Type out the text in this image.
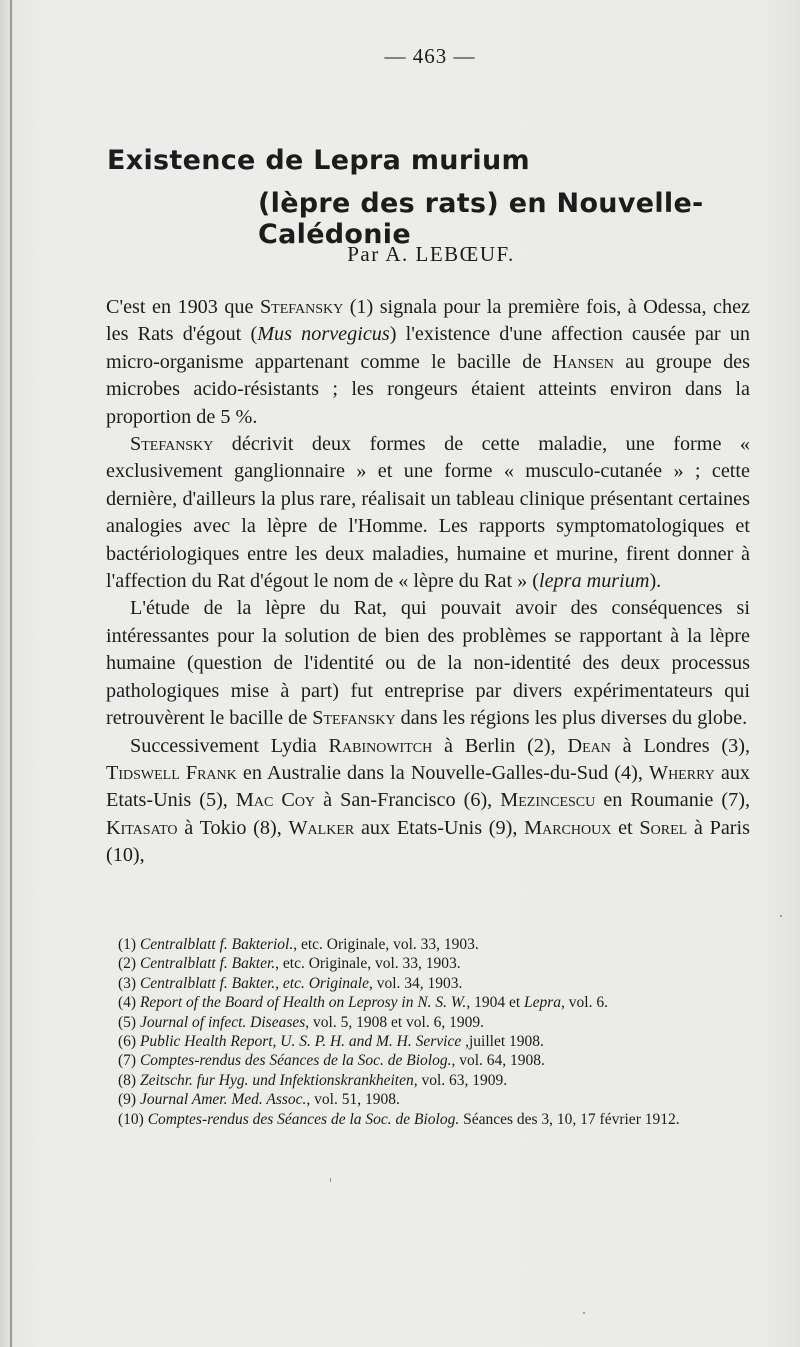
— 463 —
Existence de Lepra murium
(lèpre des rats) en Nouvelle-Calédonie
Par A. LEBŒUF.

C'est en 1903 que Stefansky (1) signala pour la première fois, à Odessa, chez les Rats d'égout (Mus norvegicus) l'existence d'une affection causée par un micro-organisme appartenant comme le bacille de Hansen au groupe des microbes acido-résistants ; les rongeurs étaient atteints environ dans la proportion de 5 %.

Stefansky décrivit deux formes de cette maladie, une forme « exclusivement ganglionnaire » et une forme « musculo-cutanée » ; cette dernière, d'ailleurs la plus rare, réalisait un tableau clinique présentant certaines analogies avec la lèpre de l'Homme. Les rapports symptomatologiques et bactériologiques entre les deux maladies, humaine et murine, firent donner à l'affection du Rat d'égout le nom de « lèpre du Rat » (lepra murium).

L'étude de la lèpre du Rat, qui pouvait avoir des conséquences si intéressantes pour la solution de bien des problèmes se rapportant à la lèpre humaine (question de l'identité ou de la non-identité des deux processus pathologiques mise à part) fut entreprise par divers expérimentateurs qui retrouvèrent le bacille de Stefansky dans les régions les plus diverses du globe.

Successivement Lydia Rabinowitch à Berlin (2), Dean à Londres (3), Tidswell Frank en Australie dans la Nouvelle-Galles-du-Sud (4), Wherry aux Etats-Unis (5), Mac Coy à San-Francisco (6), Mezincescu en Roumanie (7), Kitasato à Tokio (8), Walker aux Etats-Unis (9), Marchoux et Sorel à Paris (10),

(1) Centralblatt f. Bakteriol., etc. Originale, vol. 33, 1903.

(2) Centralblatt f. Bakter., etc. Originale, vol. 33, 1903.

(3) Centralblatt f. Bakter., etc. Originale, vol. 34, 1903.

(4) Report of the Board of Health on Leprosy in N. S. W., 1904 et Lepra, vol. 6.

(5) Journal of infect. Diseases, vol. 5, 1908 et vol. 6, 1909.

(6) Public Health Report, U. S. P. H. and M. H. Service ,juillet 1908.

(7) Comptes-rendus des Séances de la Soc. de Biolog., vol. 64, 1908.

(8) Zeitschr. fur Hyg. und Infektionskrankheiten, vol. 63, 1909.

(9) Journal Amer. Med. Assoc., vol. 51, 1908.

(10) Comptes-rendus des Séances de la Soc. de Biolog. Séances des 3, 10, 17 février 1912.
